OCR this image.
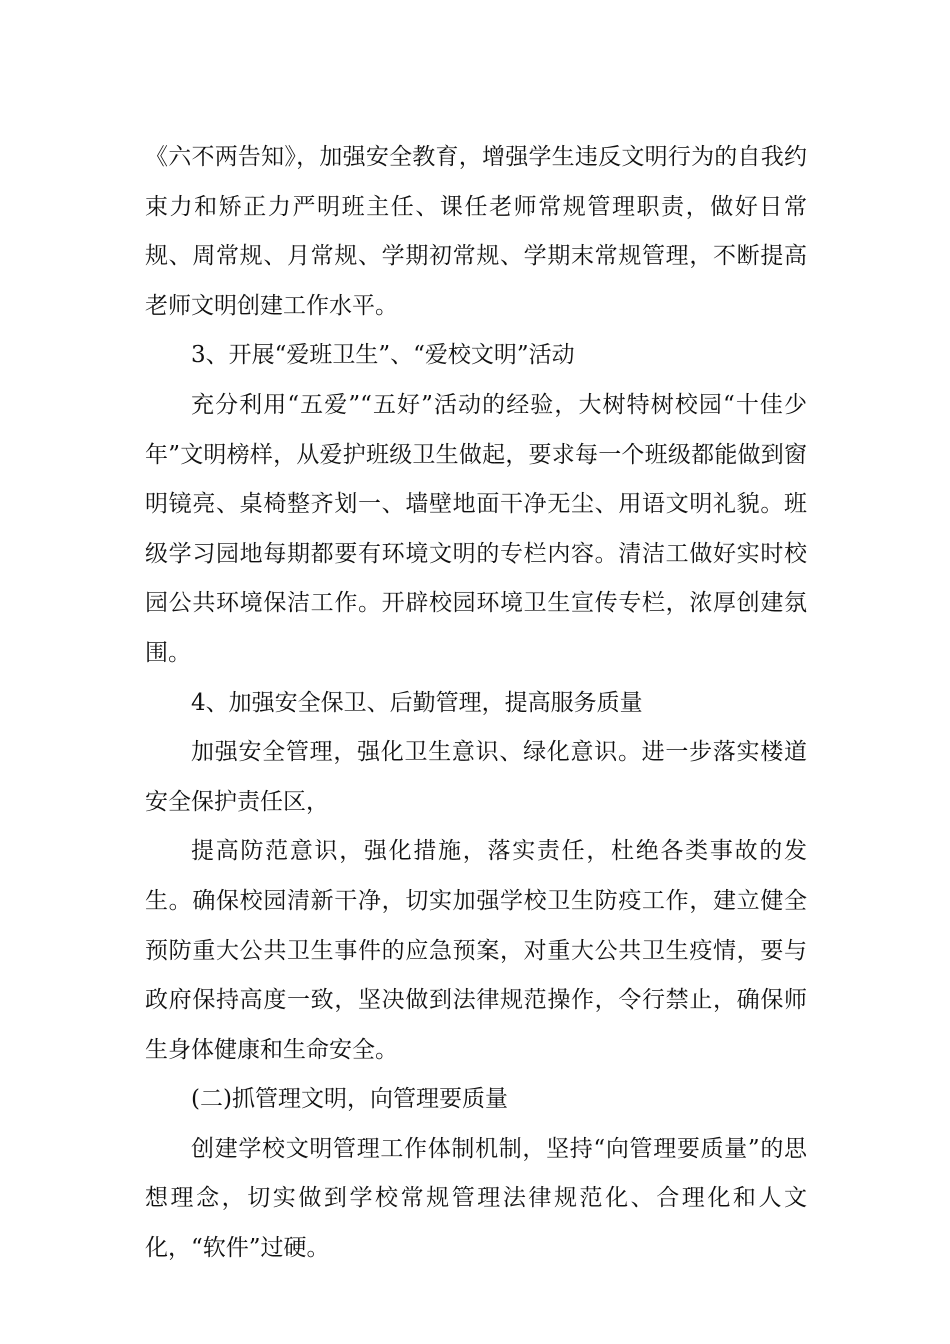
《六不两告知》，加强安全教育，增强学生违反文明行为的自我约束力和矫正力严明班主任、课任老师常规管理职责，做好日常规、周常规、月常规、学期初常规、学期末常规管理，不断提高老师文明创建工作水平。

3、开展“爱班卫生”、“爱校文明”活动

充分利用“五爱”“五好”活动的经验，大树特树校园“十佳少年”文明榜样，从爱护班级卫生做起，要求每一个班级都能做到窗明镜亮、桌椅整齐划一、墙壁地面干净无尘、用语文明礼貌。班级学习园地每期都要有环境文明的专栏内容。清洁工做好实时校园公共环境保洁工作。开辟校园环境卫生宣传专栏，浓厚创建氛围。

4、加强安全保卫、后勤管理，提高服务质量

加强安全管理，强化卫生意识、绿化意识。进一步落实楼道安全保护责任区，

提高防范意识，强化措施，落实责任，杜绝各类事故的发生。确保校园清新干净，切实加强学校卫生防疫工作，建立健全预防重大公共卫生事件的应急预案，对重大公共卫生疫情，要与政府保持高度一致，坚决做到法律规范操作，令行禁止，确保师生身体健康和生命安全。

(二)抓管理文明，向管理要质量

创建学校文明管理工作体制机制，坚持“向管理要质量”的思想理念，切实做到学校常规管理法律规范化、合理化和人文化，“软件”过硬。
